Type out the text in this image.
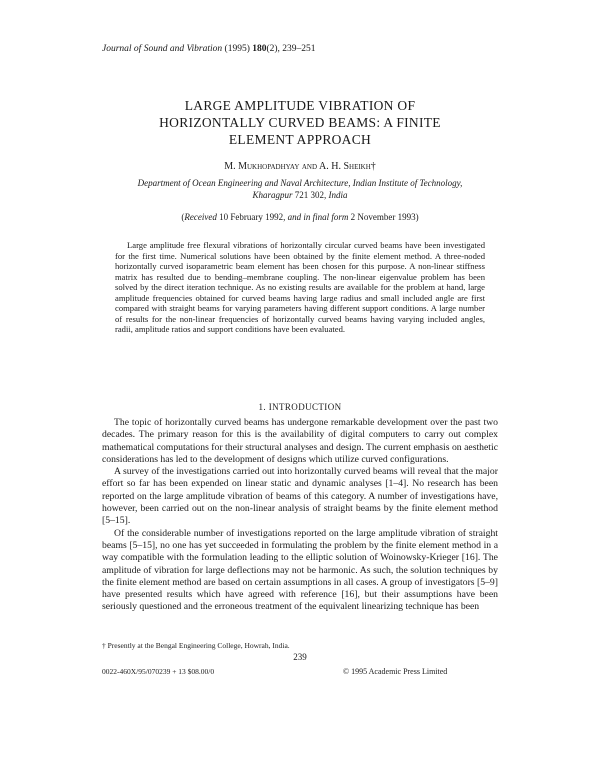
Journal of Sound and Vibration (1995) 180(2), 239–251
LARGE AMPLITUDE VIBRATION OF
HORIZONTALLY CURVED BEAMS: A FINITE
ELEMENT APPROACH
M. Mukhopadhyay and A. H. Sheikh†
Department of Ocean Engineering and Naval Architecture, Indian Institute of Technology,
Kharagpur 721 302, India
(Received 10 February 1992, and in final form 2 November 1993)
Large amplitude free flexural vibrations of horizontally circular curved beams have been investigated for the first time. Numerical solutions have been obtained by the finite element method. A three-noded horizontally curved isoparametric beam element has been chosen for this purpose. A non-linear stiffness matrix has resulted due to bending–membrane coupling. The non-linear eigenvalue problem has been solved by the direct iteration technique. As no existing results are available for the problem at hand, large amplitude frequencies obtained for curved beams having large radius and small included angle are first compared with straight beams for varying parameters having different support conditions. A large number of results for the non-linear frequencies of horizontally curved beams having varying included angles, radii, amplitude ratios and support conditions have been evaluated.
1. INTRODUCTION

The topic of horizontally curved beams has undergone remarkable development over the past two decades. The primary reason for this is the availability of digital computers to carry out complex mathematical computations for their structural analyses and design. The current emphasis on aesthetic considerations has led to the development of designs which utilize curved configurations.

A survey of the investigations carried out into horizontally curved beams will reveal that the major effort so far has been expended on linear static and dynamic analyses [1–4]. No research has been reported on the large amplitude vibration of beams of this category. A number of investigations have, however, been carried out on the non-linear analysis of straight beams by the finite element method [5–15].

Of the considerable number of investigations reported on the large amplitude vibration of straight beams [5–15], no one has yet succeeded in formulating the problem by the finite element method in a way compatible with the formulation leading to the elliptic solution of Woinowsky-Krieger [16]. The amplitude of vibration for large deflections may not be harmonic. As such, the solution techniques by the finite element method are based on certain assumptions in all cases. A group of investigators [5–9] have presented results which have agreed with reference [16], but their assumptions have been seriously questioned and the erroneous treatment of the equivalent linearizing technique has been

† Presently at the Bengal Engineering College, Howrah, India.
239
0022-460X/95/070239 + 13 $08.00/0	© 1995 Academic Press Limited
